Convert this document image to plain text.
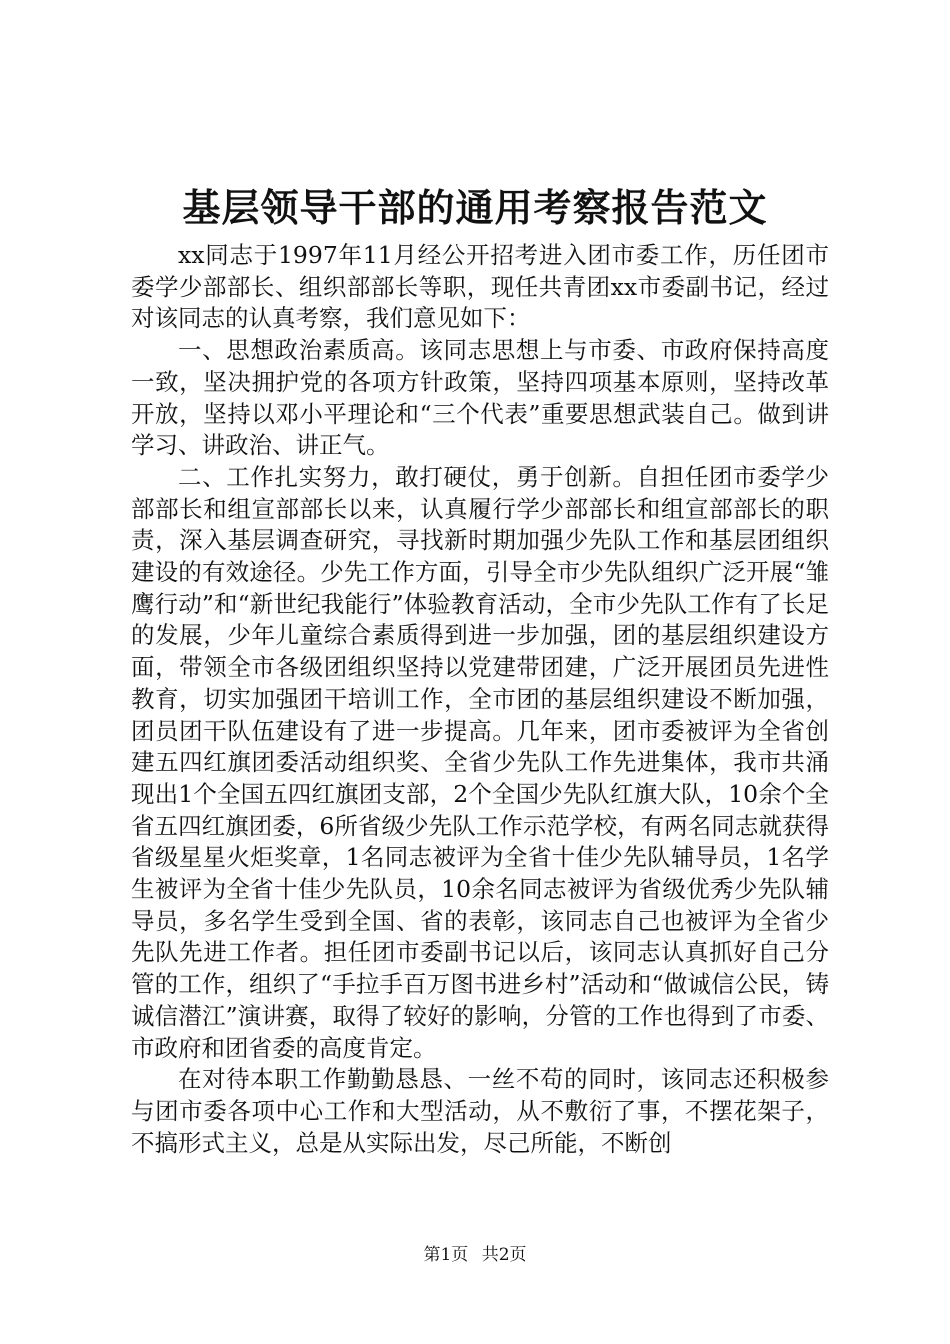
基层领导干部的通用考察报告范文

xx同志于1997年11月经公开招考进入团市委工作，历任团市委学少部部长、组织部部长等职，现任共青团xx市委副书记，经过对该同志的认真考察，我们意见如下：

一、思想政治素质高。该同志思想上与市委、市政府保持高度一致，坚决拥护党的各项方针政策，坚持四项基本原则，坚持改革开放，坚持以邓小平理论和“三个代表”重要思想武装自己。做到讲学习、讲政治、讲正气。

二、工作扎实努力，敢打硬仗，勇于创新。自担任团市委学少部部长和组宣部部长以来，认真履行学少部部长和组宣部部长的职责，深入基层调查研究，寻找新时期加强少先队工作和基层团组织建设的有效途径。少先工作方面，引导全市少先队组织广泛开展“雏鹰行动”和“新世纪我能行”体验教育活动，全市少先队工作有了长足的发展，少年儿童综合素质得到进一步加强，团的基层组织建设方面，带领全市各级团组织坚持以党建带团建，广泛开展团员先进性教育，切实加强团干培训工作，全市团的基层组织建设不断加强，团员团干队伍建设有了进一步提高。几年来，团市委被评为全省创建五四红旗团委活动组织奖、全省少先队工作先进集体，我市共涌现出1个全国五四红旗团支部，2个全国少先队红旗大队，10余个全省五四红旗团委，6所省级少先队工作示范学校，有两名同志就获得省级星星火炬奖章，1名同志被评为全省十佳少先队辅导员，1名学生被评为全省十佳少先队员，10余名同志被评为省级优秀少先队辅导员，多名学生受到全国、省的表彰，该同志自己也被评为全省少先队先进工作者。担任团市委副书记以后，该同志认真抓好自己分管的工作，组织了“手拉手百万图书进乡村”活动和“做诚信公民，铸诚信潜江”演讲赛，取得了较好的影响，分管的工作也得到了市委、市政府和团省委的高度肯定。

在对待本职工作勤勤恳恳、一丝不苟的同时，该同志还积极参与团市委各项中心工作和大型活动，从不敷衍了事，不摆花架子，不搞形式主义，总是从实际出发，尽己所能，不断创

第1页 共2页
